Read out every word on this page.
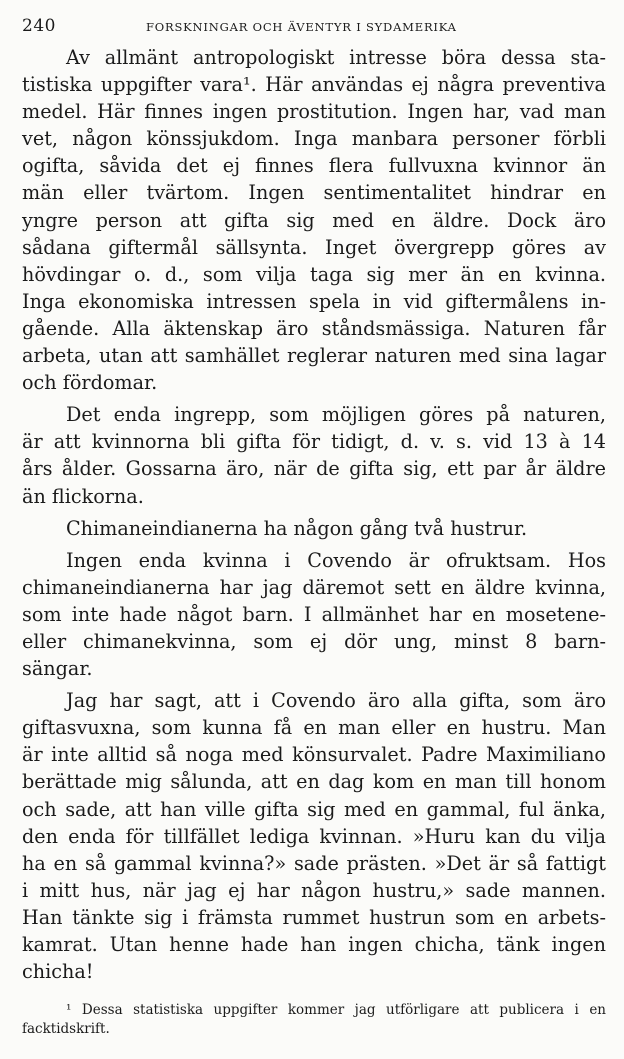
240	FORSKNINGAR OCH ÄVENTYR I SYDAMERIKA
Av allmänt antropologiskt intresse böra dessa sta-
tistiska uppgifter vara¹. Här användas ej några preventiva
medel. Här finnes ingen prostitution. Ingen har, vad man
vet, någon könssjukdom. Inga manbara personer förbli
ogifta, såvida det ej finnes flera fullvuxna kvinnor än
män eller tvärtom. Ingen sentimentalitet hindrar en
yngre person att gifta sig med en äldre. Dock äro
sådana giftermål sällsynta. Inget övergrepp göres av
hövdingar o. d., som vilja taga sig mer än en kvinna.
Inga ekonomiska intressen spela in vid giftermålens in-
gående. Alla äktenskap äro ståndsmässiga. Naturen får
arbeta, utan att samhället reglerar naturen med sina lagar
och fördomar.
Det enda ingrepp, som möjligen göres på naturen,
är att kvinnorna bli gifta för tidigt, d. v. s. vid 13 à 14
års ålder. Gossarna äro, när de gifta sig, ett par år äldre
än flickorna.
Chimaneindianerna ha någon gång två hustrur.
Ingen enda kvinna i Covendo är ofruktsam. Hos
chimaneindianerna har jag däremot sett en äldre kvinna,
som inte hade något barn. I allmänhet har en mosetene-
eller chimanekvinna, som ej dör ung, minst 8 barn-
sängar.
Jag har sagt, att i Covendo äro alla gifta, som äro
giftasvuxna, som kunna få en man eller en hustru. Man
är inte alltid så noga med könsurvalet. Padre Maximiliano
berättade mig sålunda, att en dag kom en man till honom
och sade, att han ville gifta sig med en gammal, ful änka,
den enda för tillfället lediga kvinnan. »Huru kan du vilja
ha en så gammal kvinna?» sade prästen. »Det är så fattigt
i mitt hus, när jag ej har någon hustru,» sade mannen.
Han tänkte sig i främsta rummet hustrun som en arbets-
kamrat. Utan henne hade han ingen chicha, tänk ingen
chicha!
¹ Dessa statistiska uppgifter kommer jag utförligare att publicera i en
facktidskrift.
